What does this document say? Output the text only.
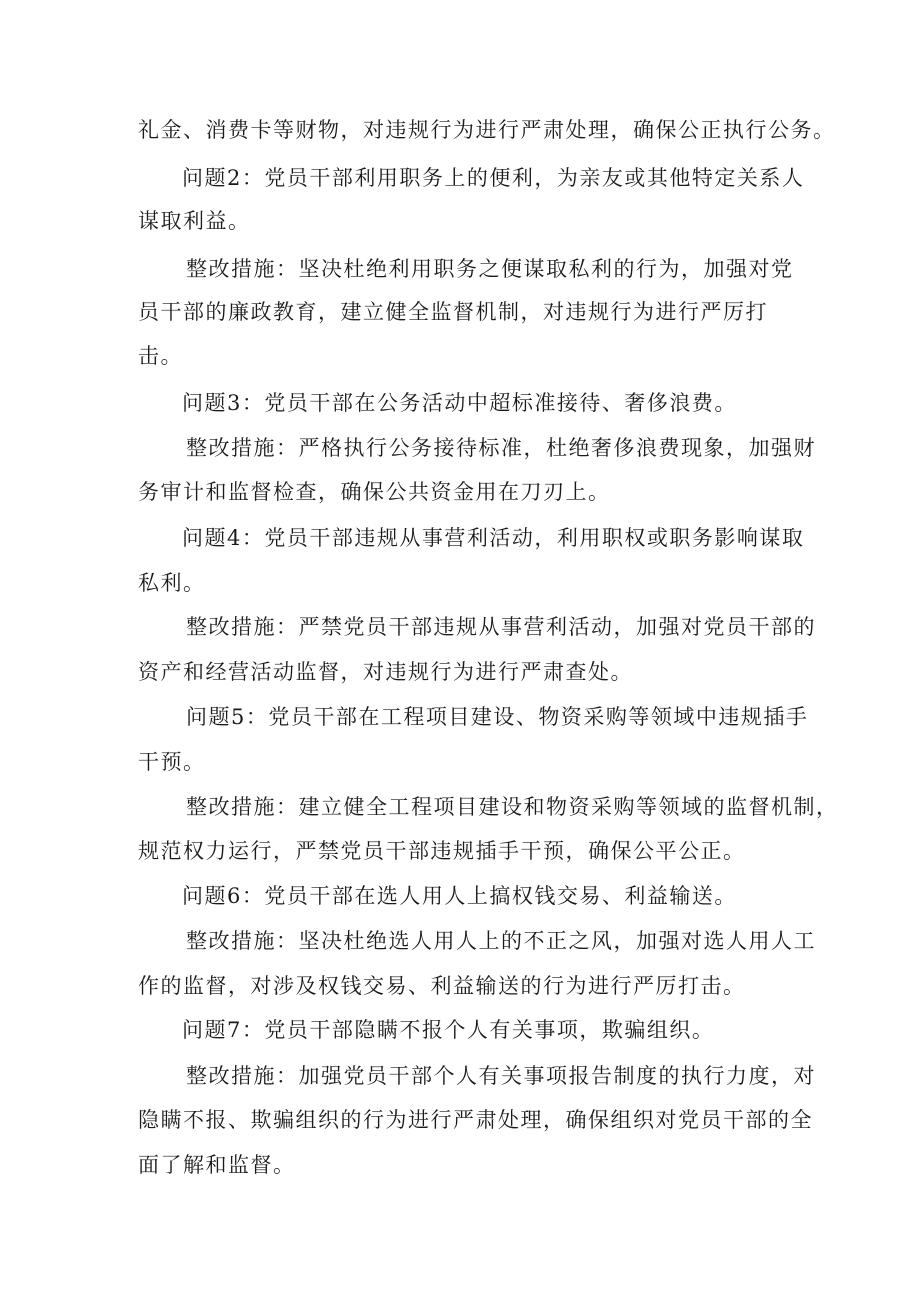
礼金、消费卡等财物，对违规行为进行严肃处理，确保公正执行公务。
问题2：党员干部利用职务上的便利，为亲友或其他特定关系人
谋取利益。
整改措施：坚决杜绝利用职务之便谋取私利的行为，加强对党
员干部的廉政教育，建立健全监督机制，对违规行为进行严厉打
击。
问题3：党员干部在公务活动中超标准接待、奢侈浪费。
整改措施：严格执行公务接待标准，杜绝奢侈浪费现象，加强财
务审计和监督检查，确保公共资金用在刀刃上。
问题4：党员干部违规从事营利活动，利用职权或职务影响谋取
私利。
整改措施：严禁党员干部违规从事营利活动，加强对党员干部的
资产和经营活动监督，对违规行为进行严肃查处。
问题5：党员干部在工程项目建设、物资采购等领域中违规插手
干预。
整改措施：建立健全工程项目建设和物资采购等领域的监督机制，
规范权力运行，严禁党员干部违规插手干预，确保公平公正。
问题6：党员干部在选人用人上搞权钱交易、利益输送。
整改措施：坚决杜绝选人用人上的不正之风，加强对选人用人工
作的监督，对涉及权钱交易、利益输送的行为进行严厉打击。
问题7：党员干部隐瞒不报个人有关事项，欺骗组织。
整改措施：加强党员干部个人有关事项报告制度的执行力度，对
隐瞒不报、欺骗组织的行为进行严肃处理，确保组织对党员干部的全
面了解和监督。
